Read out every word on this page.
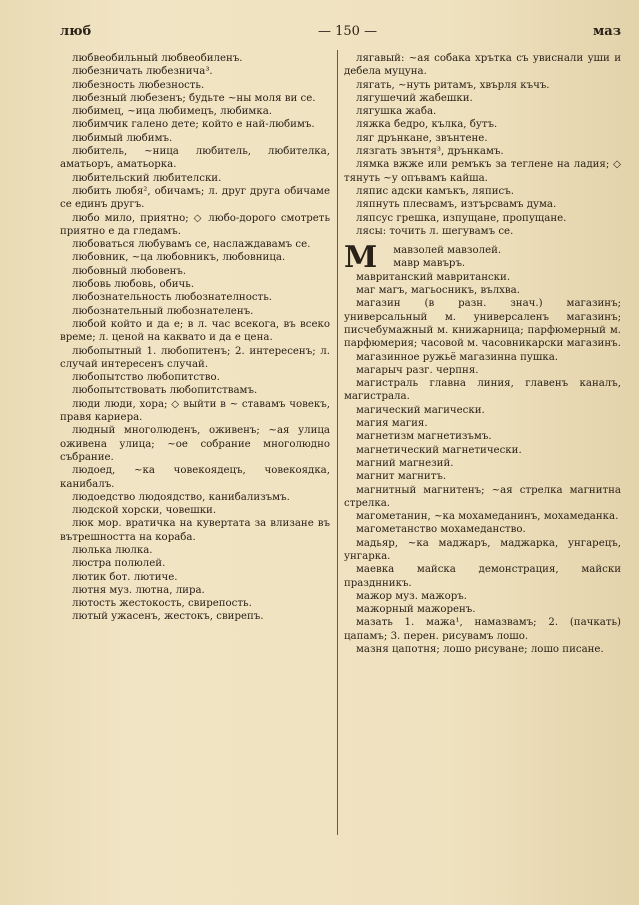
люб	— 150 —	маз

любвеобильный любвеобиленъ.

любезничать любезнича³.

любезность любезность.

любезный любезенъ; будьте ~ны моля ви се.

любимец, ~ица любимецъ, любимка.

любимчик галено дете; който е най-любимъ.

любимый любимъ.

любитель, ~ница любитель, любителка, аматьоръ, аматьорка.

любительский любителски.

любить любя², обичамъ; л. друг друга обичаме се единъ другъ.

любо мило, приятно; ◇ любо-дорого смотреть приятно е да гледамъ.

любоваться любувамъ се, наслаждавамъ се.

любовник, ~ца любовникъ, любовница.

любовный любовенъ.

любовь любовь, обичь.

любознательность любознателность.

любознательный любознателенъ.

любой който и да е; в л. час всекога, въ всеко време; л. ценой на каквато и да е цена.

любопытный 1. любопитенъ; 2. интересенъ; л. случай интересенъ случай.

любопытство любопитство.

любопытствовать любопитствамъ.

люди люди, хора; ◇ выйти в ~ ставамъ човекъ, правя кариера.

людный многолюденъ, оживенъ; ~ая улица оживена улица; ~ое собрание многолюдно събрание.

людоед, ~ка човекоядецъ, човекоядка, канибалъ.

людоедство людоядство, канибализъмъ.

людской хорски, човешки.

люк мор. вратичка на кувертата за влизане въ вътрешността на кораба.

люлька люлка.

люстра полюлей.

лютик бот. лютиче.

лютня муз. лютна, лира.

лютость жестокость, свирепость.

лютый ужасенъ, жестокъ, свирепъ.

лягавый: ~ая собака хрътка съ увиснали уши и дебела муцуна.

лягать, ~нуть ритамъ, хвърля къчъ.

лягушечий жабешки.

лягушка жаба.

ляжка бедро, кълка, бутъ.

ляг дрънкане, звънтене.

лязгать звънтя³, дрънкамъ.

лямка вжже или ремъкъ за теглене на ладия; ◇ тянуть ~у опъвамъ кайша.

ляпис адски камъкъ, ляписъ.

ляпнуть плесвамъ, изтърсвамъ дума.

ляпсус грешка, изпущане, пропущане.

лясы: точить л. шегувамъ се.

М	мавзолей мавзолей.

мавр мавъръ.

мавританский мавритански.

маг магъ, магьосникъ, вълхва.

магазин (в разн. знач.) магазинъ; универсальный м. универсаленъ магазинъ; писчебумажный м. книжарница; парфюмерный м. парфюмерия; часовой м. часовникарски магазинъ.

магазинное ружьё магазинна пушка.

магарыч разг. черпня.

магистраль главна линия, главенъ каналъ, магистрала.

магический магически.

магия магия.

магнетизм магнетизъмъ.

магнетический магнетически.

магний магнезий.

магнит магнитъ.

магнитный магнитенъ; ~ая стрелка магнитна стрелка.

магометанин, ~ка мохамеданинъ, мохамеданка.

магометанство мохамеданство.

мадьяр, ~ка маджаръ, маджарка, унгарецъ, унгарка.

маевка майска демонстрация, майски празднникъ.

мажор муз. мажоръ.

мажорный мажоренъ.

мазать 1. мажа¹, намазвамъ; 2. (пачкать) цапамъ; 3. перен. рисувамъ лошо.

мазня цапотня; лошо рисуване; лошо писане.
